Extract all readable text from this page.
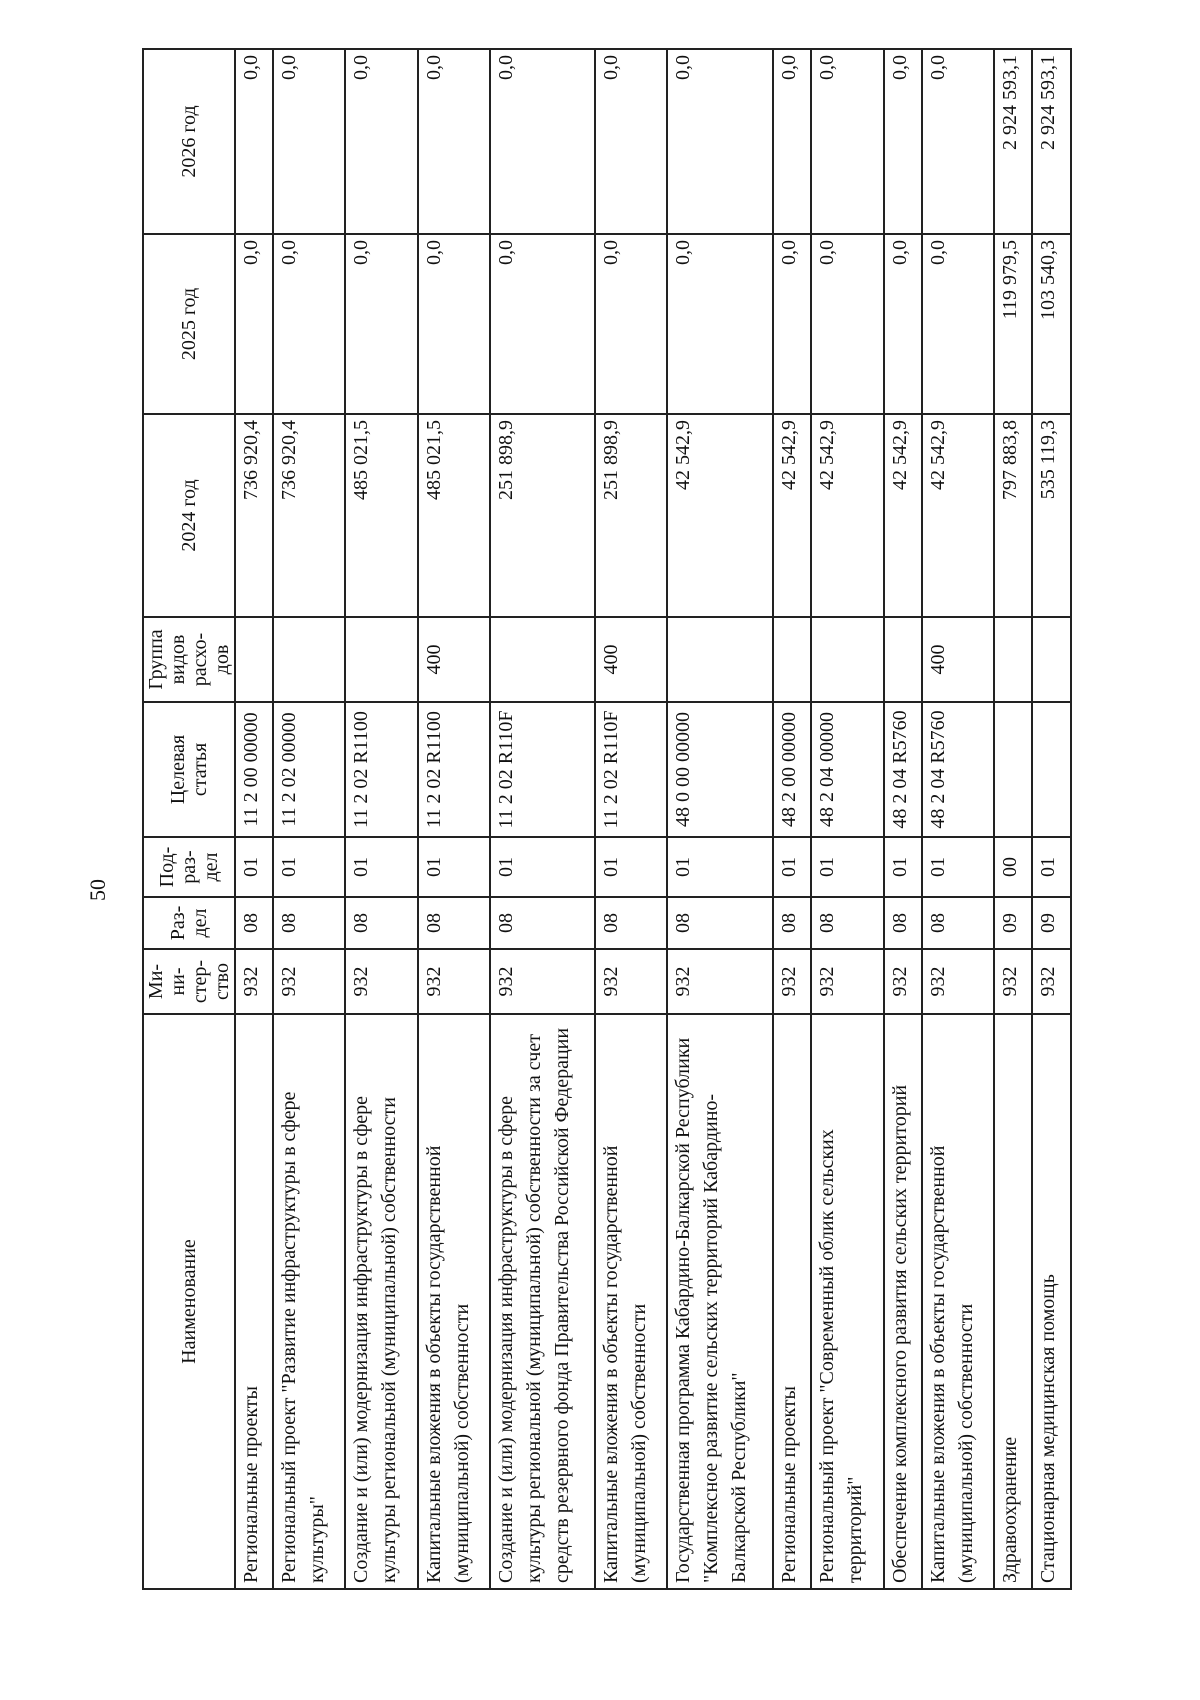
50
Наименование	Ми-ни-стер-ство	Раз-дел	Под-раз-дел	Целевая статья	Группа видов расхо-дов	2024 год	2025 год	2026 год
Региональные проекты	932	08	01	11 2 00 00000		736 920,4	0,0	0,0
Региональный проект "Развитие инфраструктуры в сфере культуры"	932	08	01	11 2 02 00000		736 920,4	0,0	0,0
Создание и (или) модернизация инфраструктуры в сфере культуры региональной (муниципальной) собственности	932	08	01	11 2 02 R1100		485 021,5	0,0	0,0
Капитальные вложения в объекты государственной (муниципальной) собственности	932	08	01	11 2 02 R1100	400	485 021,5	0,0	0,0
Создание и (или) модернизация инфраструктуры в сфере культуры региональной (муниципальной) собственности за счет средств резервного фонда Правительства Российской Федерации	932	08	01	11 2 02 R110F		251 898,9	0,0	0,0
Капитальные вложения в объекты государственной (муниципальной) собственности	932	08	01	11 2 02 R110F	400	251 898,9	0,0	0,0
Государственная программа Кабардино-Балкарской Республики "Комплексное развитие сельских территорий Кабардино-Балкарской Республики"	932	08	01	48 0 00 00000		42 542,9	0,0	0,0
Региональные проекты	932	08	01	48 2 00 00000		42 542,9	0,0	0,0
Региональный проект "Современный облик сельских территорий"	932	08	01	48 2 04 00000		42 542,9	0,0	0,0
Обеспечение комплексного развития сельских территорий	932	08	01	48 2 04 R5760		42 542,9	0,0	0,0
Капитальные вложения в объекты государственной (муниципальной) собственности	932	08	01	48 2 04 R5760	400	42 542,9	0,0	0,0
Здравоохранение	932	09	00			797 883,8	119 979,5	2 924 593,1
Стационарная медицинская помощь	932	09	01			535 119,3	103 540,3	2 924 593,1
